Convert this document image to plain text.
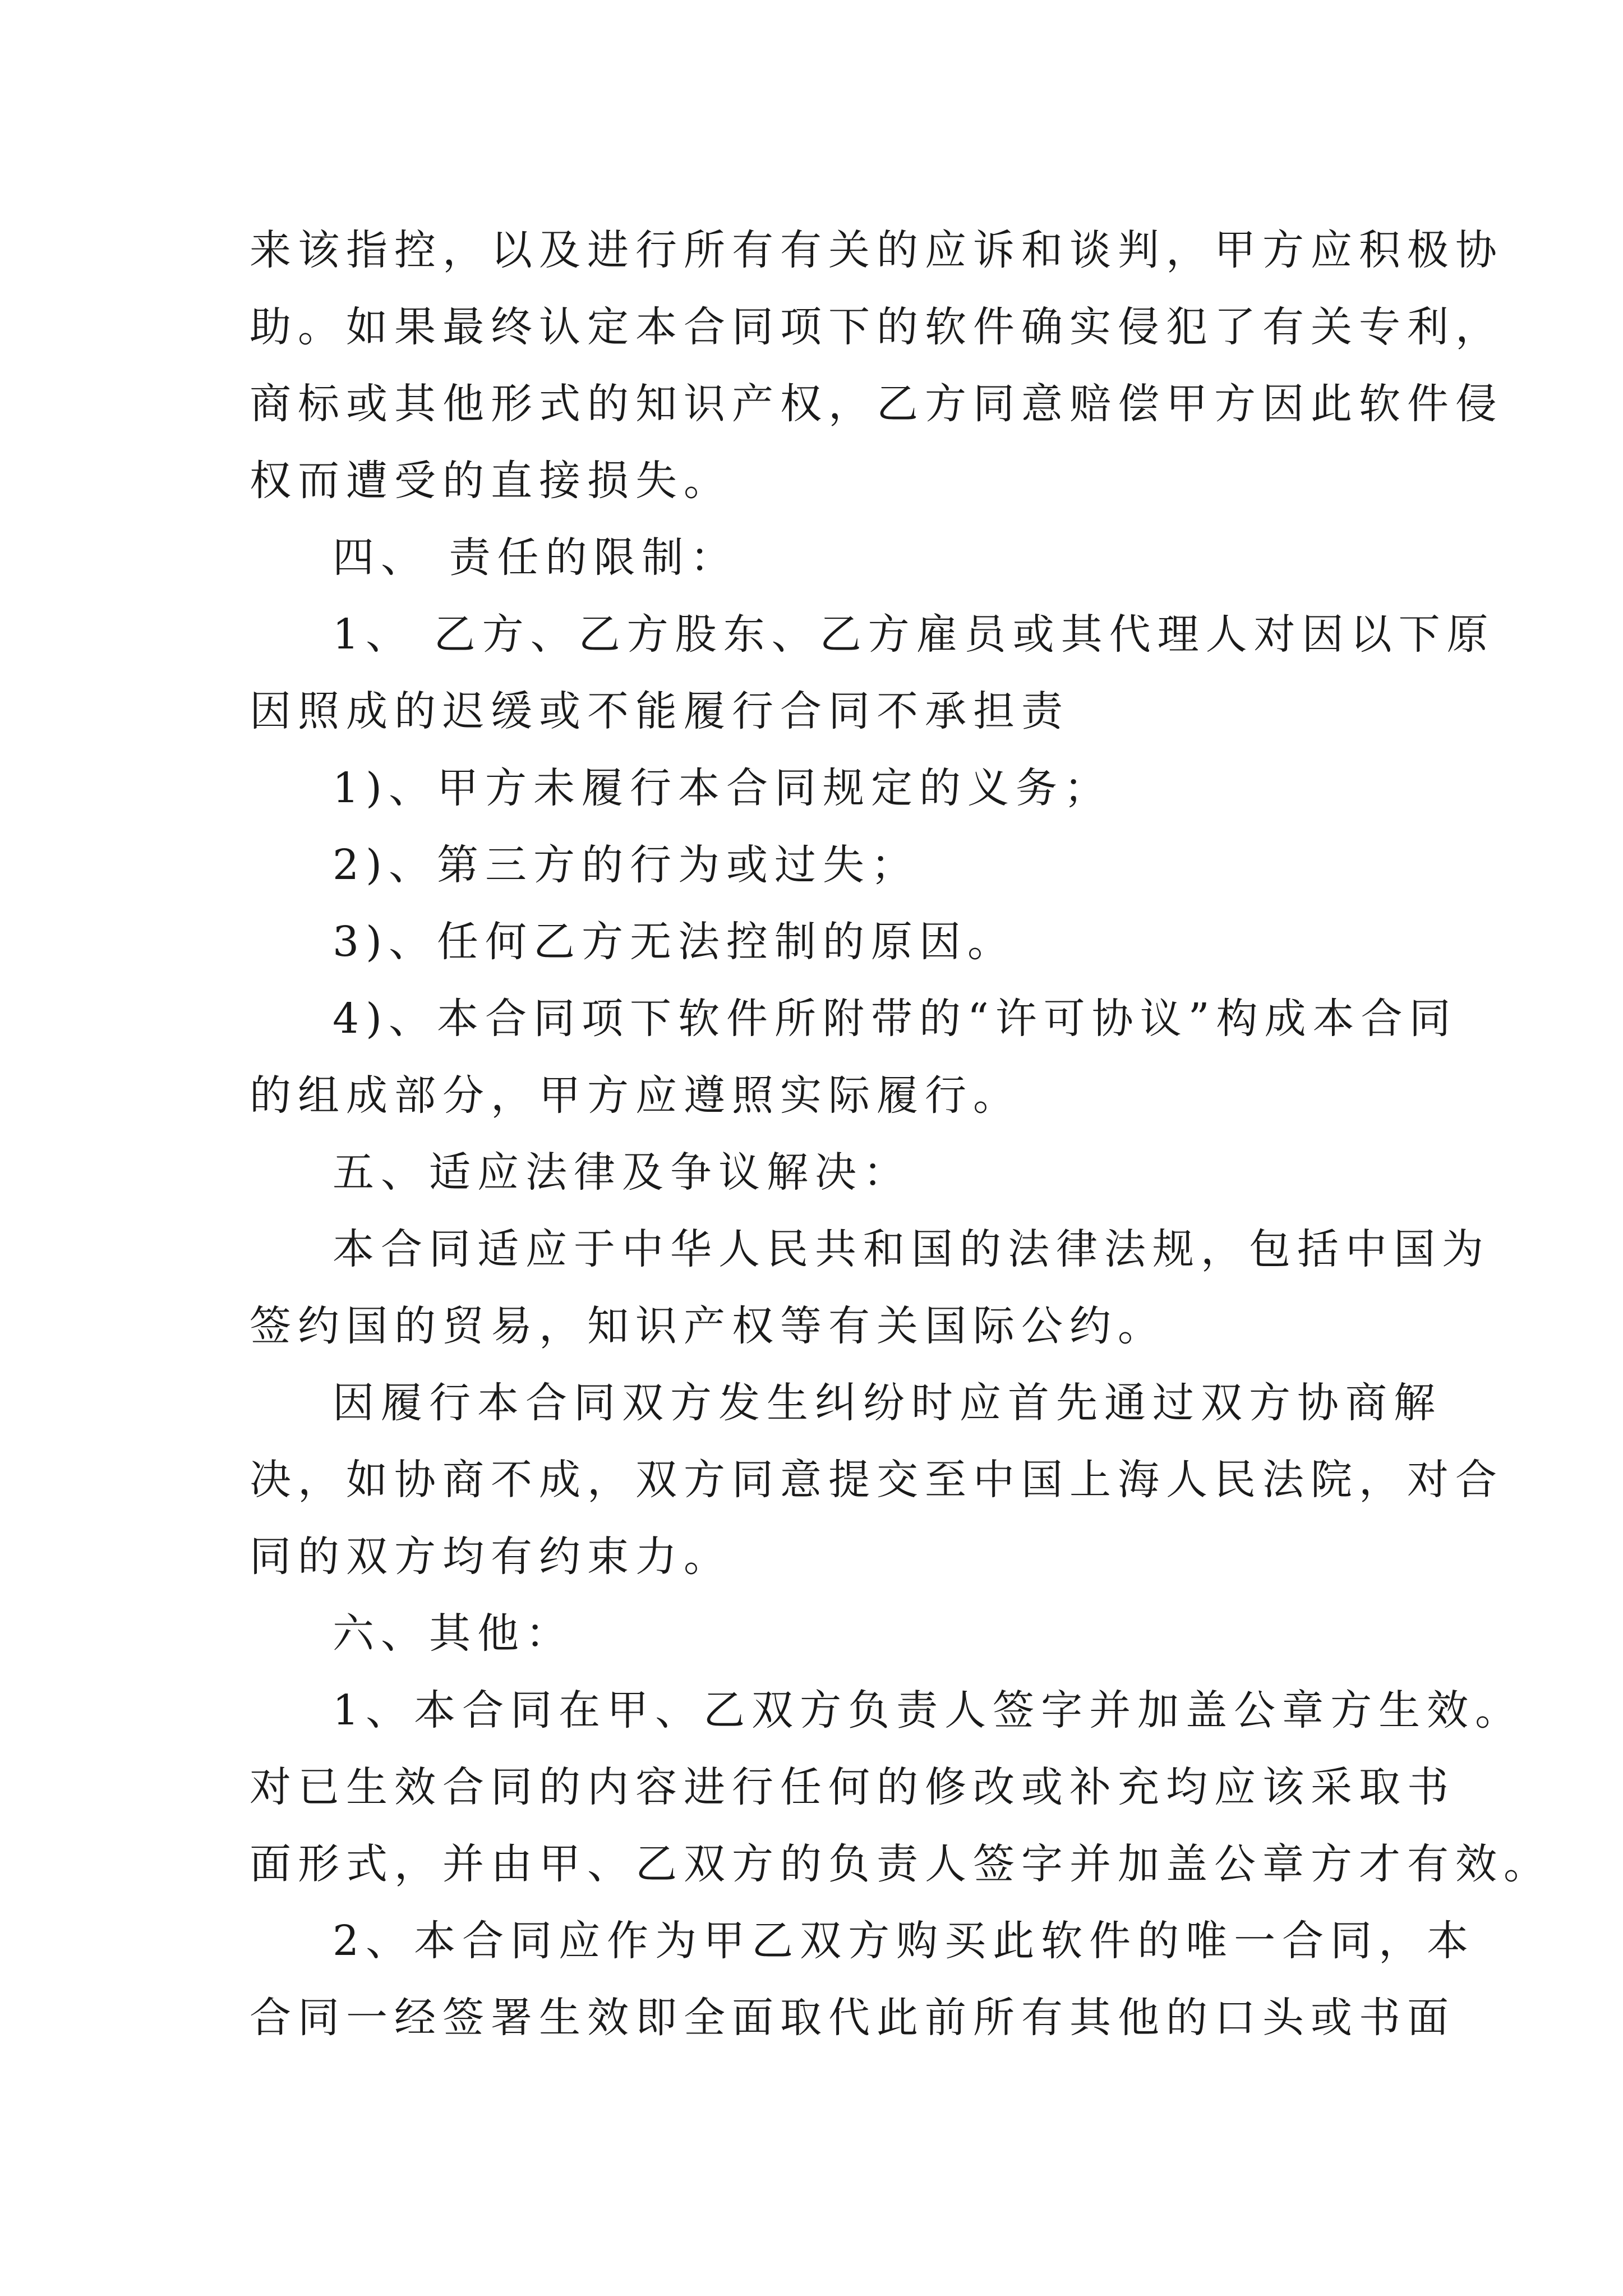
来该指控，以及进行所有有关的应诉和谈判，甲方应积极协
助。如果最终认定本合同项下的软件确实侵犯了有关专利，
商标或其他形式的知识产权，乙方同意赔偿甲方因此软件侵
权而遭受的直接损失。
四、 责任的限制：
1、 乙方、乙方股东、乙方雇员或其代理人对因以下原
因照成的迟缓或不能履行合同不承担责
1)、甲方未履行本合同规定的义务；
2)、第三方的行为或过失；
3)、任何乙方无法控制的原因。
4)、本合同项下软件所附带的“许可协议”构成本合同
的组成部分，甲方应遵照实际履行。
五、适应法律及争议解决：
本合同适应于中华人民共和国的法律法规，包括中国为
签约国的贸易，知识产权等有关国际公约。
因履行本合同双方发生纠纷时应首先通过双方协商解
决，如协商不成，双方同意提交至中国上海人民法院，对合
同的双方均有约束力。
六、其他：
1、本合同在甲、乙双方负责人签字并加盖公章方生效。
对已生效合同的内容进行任何的修改或补充均应该采取书
面形式，并由甲、乙双方的负责人签字并加盖公章方才有效。
2、本合同应作为甲乙双方购买此软件的唯一合同，本
合同一经签署生效即全面取代此前所有其他的口头或书面
